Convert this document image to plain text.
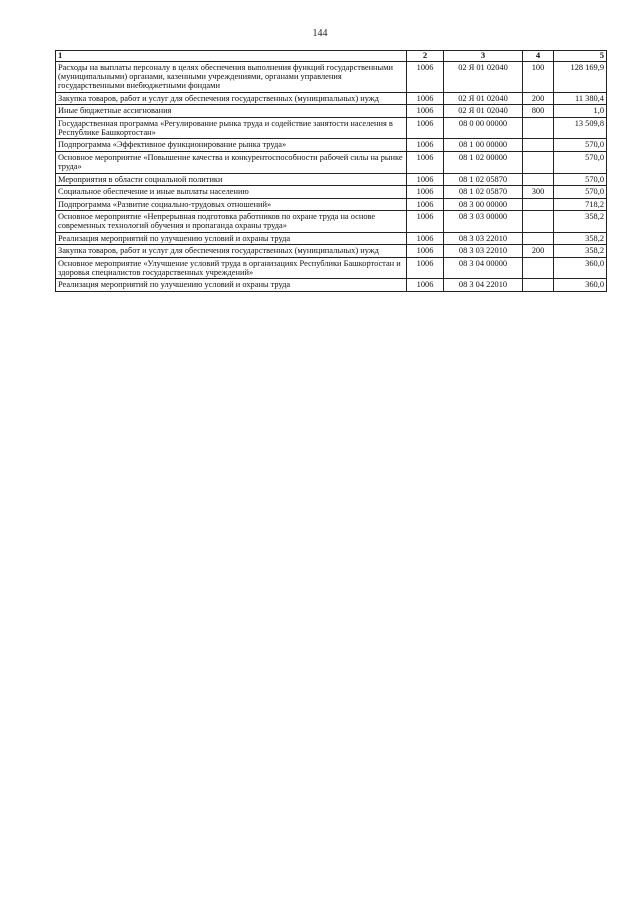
144
1	2	3	4	5
Расходы на выплаты персоналу в целях обеспечения выполнения функций государственными (муниципальными) органами, казенными учреждениями, органами управления государственными внебюджетными фондами	1006	02 Я 01 02040	100	128 169,9
Закупка товаров, работ и услуг для обеспечения государственных (муниципальных) нужд	1006	02 Я 01 02040	200	11 380,4
Иные бюджетные ассигнования	1006	02 Я 01 02040	800	1,0
Государственная программа «Регулирование рынка труда и содействие занятости населения в Республике Башкортостан»	1006	08 0 00 00000		13 509,8
Подпрограмма «Эффективное функционирование рынка труда»	1006	08 1 00 00000		570,0
Основное мероприятие «Повышение качества и конкурентоспособности рабочей силы на рынке труда»	1006	08 1 02 00000		570,0
Мероприятия в области социальной политики	1006	08 1 02 05870		570,0
Социальное обеспечение и иные выплаты населению	1006	08 1 02 05870	300	570,0
Подпрограмма «Развитие социально-трудовых отношений»	1006	08 3 00 00000		718,2
Основное мероприятие «Непрерывная подготовка работников по охране труда на основе современных технологий обучения и пропаганда охраны труда»	1006	08 3 03 00000		358,2
Реализация мероприятий по улучшению условий и охраны труда	1006	08 3 03 22010		358,2
Закупка товаров, работ и услуг для обеспечения государственных (муниципальных) нужд	1006	08 3 03 22010	200	358,2
Основное мероприятие «Улучшение условий труда в организациях Республики Башкортостан и здоровья специалистов государственных учреждений»	1006	08 3 04 00000		360,0
Реализация мероприятий по улучшению условий и охраны труда	1006	08 3 04 22010		360,0
